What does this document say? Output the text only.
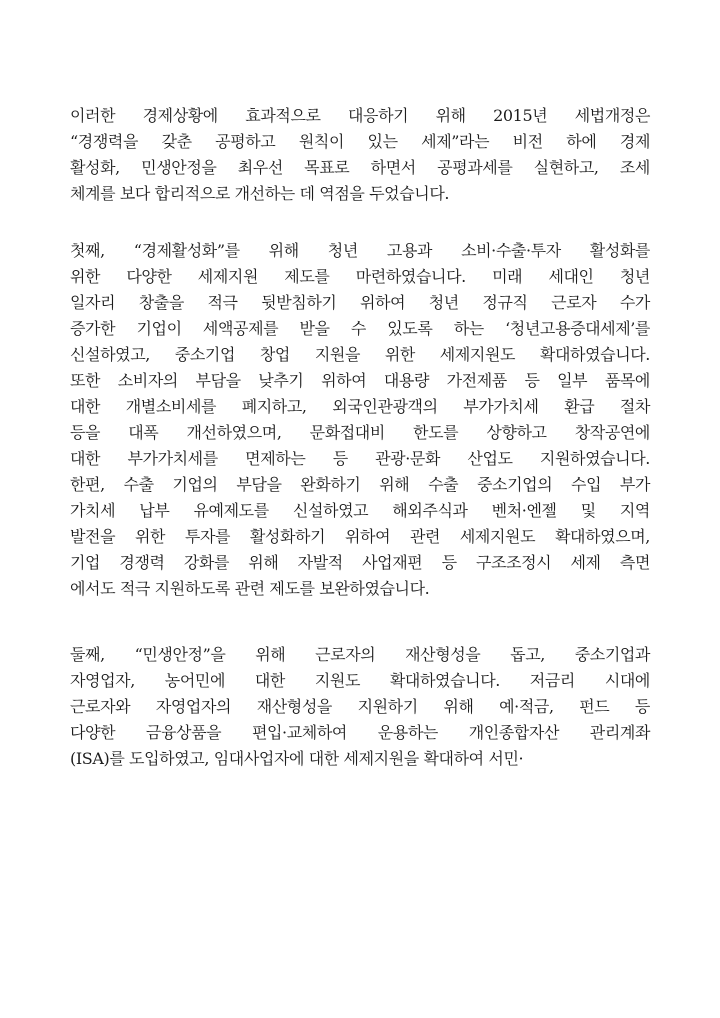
이러한 경제상황에 효과적으로 대응하기 위해 2015년 세법개정은
“경쟁력을 갖춘 공평하고 원칙이 있는 세제”라는 비전 하에 경제
활성화, 민생안정을 최우선 목표로 하면서 공평과세를 실현하고, 조세
체계를 보다 합리적으로 개선하는 데 역점을 두었습니다.
첫째, “경제활성화”를 위해 청년 고용과 소비·수출·투자 활성화를
위한 다양한 세제지원 제도를 마련하였습니다. 미래 세대인 청년
일자리 창출을 적극 뒷받침하기 위하여 청년 정규직 근로자 수가
증가한 기업이 세액공제를 받을 수 있도록 하는 ‘청년고용증대세제’를
신설하였고, 중소기업 창업 지원을 위한 세제지원도 확대하였습니다.
또한 소비자의 부담을 낮추기 위하여 대용량 가전제품 등 일부 품목에
대한 개별소비세를 폐지하고, 외국인관광객의 부가가치세 환급 절차
등을 대폭 개선하였으며, 문화접대비 한도를 상향하고 창작공연에
대한 부가가치세를 면제하는 등 관광·문화 산업도 지원하였습니다.
한편, 수출 기업의 부담을 완화하기 위해 수출 중소기업의 수입 부가
가치세 납부 유예제도를 신설하였고 해외주식과 벤처·엔젤 및 지역
발전을 위한 투자를 활성화하기 위하여 관련 세제지원도 확대하였으며,
기업 경쟁력 강화를 위해 자발적 사업재편 등 구조조정시 세제 측면
에서도 적극 지원하도록 관련 제도를 보완하였습니다.
둘째, “민생안정”을 위해 근로자의 재산형성을 돕고, 중소기업과
자영업자, 농어민에 대한 지원도 확대하였습니다. 저금리 시대에
근로자와 자영업자의 재산형성을 지원하기 위해 예·적금, 펀드 등
다양한 금융상품을 편입·교체하여 운용하는 개인종합자산 관리계좌
(ISA)를 도입하였고, 임대사업자에 대한 세제지원을 확대하여 서민·
